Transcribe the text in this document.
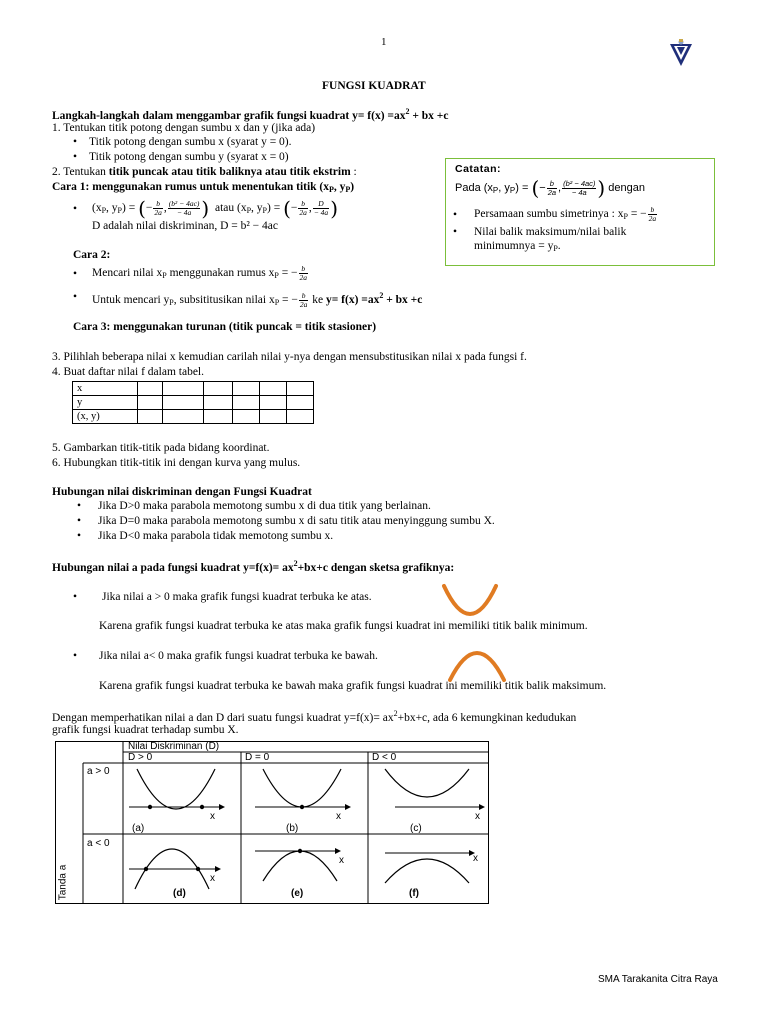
1
FUNGSI KUADRAT
Langkah-langkah dalam menggambar grafik fungsi kuadrat $y= f(x) =ax^2$ + bx +c
1. Tentukan titik potong dengan sumbu x dan y (jika ada)
• Titik potong dengan sumbu x (syarat y = 0).
• Titik potong dengan sumbu y (syarat x = 0)
2. Tentukan titik puncak atau titik baliknya atau titik ekstrim :
Cara 1: menggunakan rumus untuk menentukan titik ($x_P$, $y_P$)
• ($x_P$, $y_P$) = (− $\frac{b}{2a}$ , $\frac{\text{(b² − 4ac)}}{- 4a}$ ) atau ($x_P$, $y_P$) = (− $\frac{b}{2a}$ , $\frac{D}{- 4a}$ )
D adalah nilai diskriminan, D = b² − 4ac
Cara 2:
• Mencari nilai $x_P$ menggunakan rumus $x_P$ = − $\frac{b}{2a}$
• Untuk mencari $y_P$, subsititusikan nilai $x_P$ = − $\frac{b}{2a}$ ke $y= f(x) =ax^2$ + bx +c
Cara 3: menggunakan turunan (titik puncak = titik stasioner)
3. Pilihlah beberapa nilai x kemudian carilah nilai y-nya dengan mensubstitusikan nilai x pada fungsi f.
4. Buat daftar nilai f dalam tabel.
x						
y						
(x, y)						
5. Gambarkan titik-titik pada bidang koordinat.
6. Hubungkan titik-titik ini dengan kurva yang mulus.
Catatan:
Pada ($x_P$, $y_P$) = (− $\frac{b}{2a}$ , $\frac{\text{(b² − 4ac)}}{- 4a}$ ) dengan
• Persamaan sumbu simetrinya : $x_P$ = − $\frac{b}{2a}$
• Nilai balik maksimum/nilai balik
minimumnya = $y_P$.
Hubungan nilai diskriminan dengan Fungsi Kuadrat
• Jika D>0 maka parabola memotong sumbu x di dua titik yang berlainan.
• Jika D=0 maka parabola memotong sumbu x di satu titik atau menyinggung sumbu X.
• Jika D<0 maka parabola tidak memotong sumbu x.
Hubungan nilai a pada fungsi kuadrat $y=f(x)= ax^2+bx+c$ dengan sketsa grafiknya:
• Jika nilai a > 0 maka grafik fungsi kuadrat terbuka ke atas.
Karena grafik fungsi kuadrat terbuka ke atas maka grafik fungsi kuadrat ini memiliki titik balik minimum.
• Jika nilai a< 0 maka grafik fungsi kuadrat terbuka ke bawah.
Karena grafik fungsi kuadrat terbuka ke bawah maka grafik fungsi kuadrat ini memiliki titik balik maksimum.
Dengan memperhatikan nilai a dan D dari suatu fungsi kuadrat $y=f(x)= ax^2+bx+c$, ada 6 kemungkinan kedudukan
grafik fungsi kuadrat terhadap sumbu X.
Nilai Diskriminan (D)
D > 0	D = 0	D < 0
a > 0
a < 0
Tanda a
x	x	x
x
x	x
(a)	(b)	(c)
(d)	(e)	(f)
SMA Tarakanita Citra Raya
